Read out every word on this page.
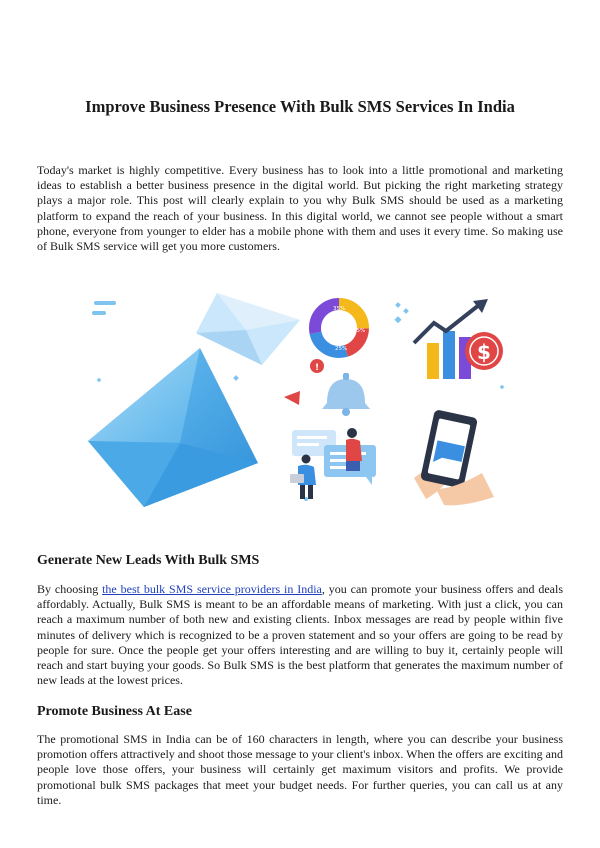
Improve Business Presence With Bulk SMS Services In India

Today's market is highly competitive. Every business has to look into a little promotional and marketing ideas to establish a better business presence in the digital world. But picking the right marketing strategy plays a major role. This post will clearly explain to you why Bulk SMS should be used as a marketing platform to expand the reach of your business. In this digital world, we cannot see people without a smart phone, everyone from younger to elder has a mobile phone with them and uses it every time. So making use of Bulk SMS service will get you more customers.

35%
15%
25%	$
!
Generate New Leads With Bulk SMS

By choosing the best bulk SMS service providers in India, you can promote your business offers and deals affordably. Actually, Bulk SMS is meant to be an affordable means of marketing. With just a click, you can reach a maximum number of both new and existing clients. Inbox messages are read by people within five minutes of delivery which is recognized to be a proven statement and so your offers are going to be read by people for sure. Once the people get your offers interesting and are willing to buy it, certainly people will reach and start buying your goods. So Bulk SMS is the best platform that generates the maximum number of new leads at the lowest prices.

Promote Business At Ease

The promotional SMS in India can be of 160 characters in length, where you can describe your business promotion offers attractively and shoot those message to your client's inbox. When the offers are exciting and people love those offers, your business will certainly get maximum visitors and profits. We provide promotional bulk SMS packages that meet your budget needs. For further queries, you can call us at any time.
